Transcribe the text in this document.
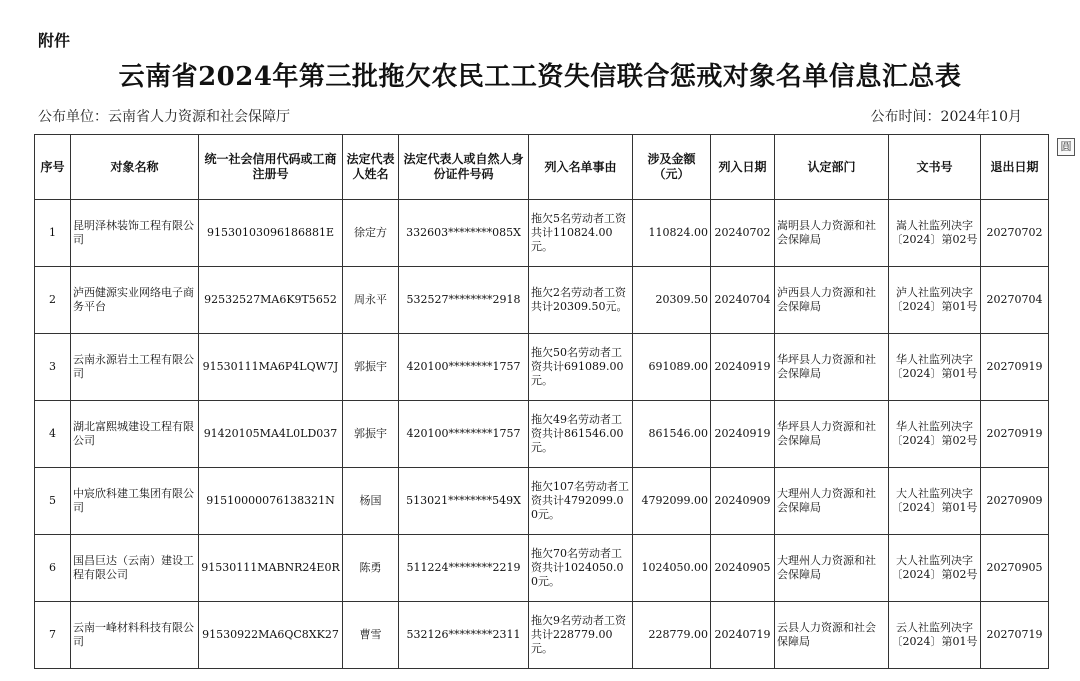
附件
云南省2024年第三批拖欠农民工工资失信联合惩戒对象名单信息汇总表
公布单位：云南省人力资源和社会保障厅	公布时间：2024年10月
圓
序号	对象名称	统一社会信用代码或工商注册号	法定代表人姓名	法定代表人或自然人身份证件号码	列入名单事由	涉及金额（元）	列入日期	认定部门	文书号	退出日期
1	昆明泽林装饰工程有限公司	91530103096186881E	徐定方	332603********085X	拖欠5名劳动者工资共计110824.00元。	110824.00	20240702	嵩明县人力资源和社会保障局	嵩人社监列决字〔2024〕第02号	20270702
2	泸西健源实业网络电子商务平台	92532527MA6K9T5652	周永平	532527********2918	拖欠2名劳动者工资共计20309.50元。	20309.50	20240704	泸西县人力资源和社会保障局	泸人社监列决字〔2024〕第01号	20270704
3	云南永源岩土工程有限公司	91530111MA6P4LQW7J	郭振宇	420100********1757	拖欠50名劳动者工资共计691089.00元。	691089.00	20240919	华坪县人力资源和社会保障局	华人社监列决字〔2024〕第01号	20270919
4	湖北富熙城建设工程有限公司	91420105MA4L0LD037	郭振宇	420100********1757	拖欠49名劳动者工资共计861546.00元。	861546.00	20240919	华坪县人力资源和社会保障局	华人社监列决字〔2024〕第02号	20270919
5	中宸欣科建工集团有限公司	91510000076138321N	杨国	513021********549X	拖欠107名劳动者工资共计4792099.00元。	4792099.00	20240909	大理州人力资源和社会保障局	大人社监列决字〔2024〕第01号	20270909
6	国昌巨达（云南）建设工程有限公司	91530111MABNR24E0R	陈勇	511224********2219	拖欠70名劳动者工资共计1024050.00元。	1024050.00	20240905	大理州人力资源和社会保障局	大人社监列决字〔2024〕第02号	20270905
7	云南一峰材料科技有限公司	91530922MA6QC8XK27	曹雪	532126********2311	拖欠9名劳动者工资共计228779.00元。	228779.00	20240719	云县人力资源和社会保障局	云人社监列决字〔2024〕第01号	20270719
